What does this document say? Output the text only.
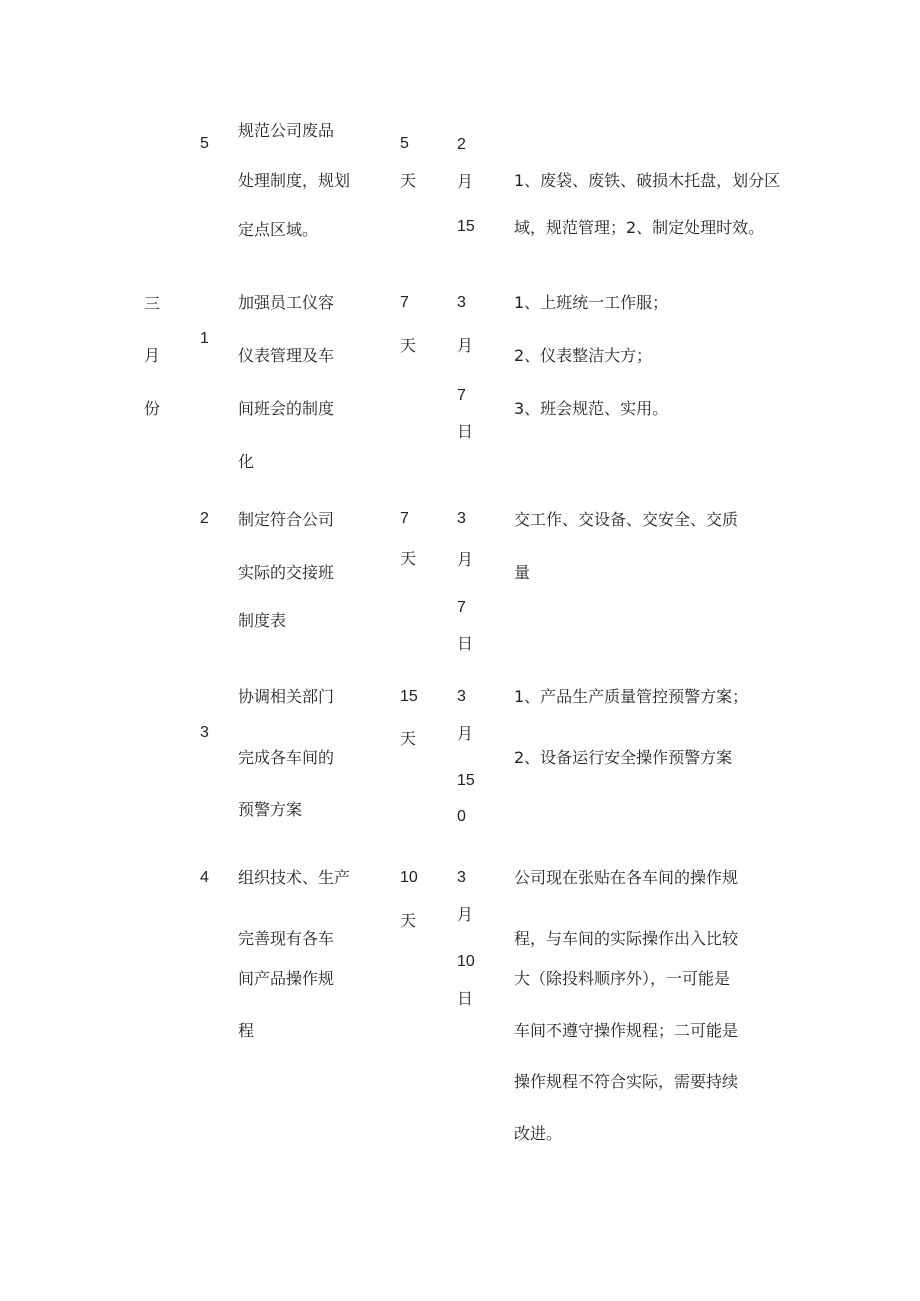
三
月
份
5
规范公司废品
处理制度，规划
定点区域。
5
天
2
月
15
1、废袋、废铁、破损木托盘，划分区
域，规范管理；2、制定处理时效。
1
加强员工仪容
仪表管理及车
间班会的制度
化
7
天
3
月
7
日
1、上班统一工作服；
2、仪表整洁大方；
3、班会规范、实用。
2 制定符合公司
实际的交接班
制度表
7
天
3
月
7
日
交工作、交设备、交安全、交质
量
3
协调相关部门
完成各车间的
预警方案
15
天
3
月
15
0
1、产品生产质量管控预警方案；
2、设备运行安全操作预警方案
4 组织技术、生产
完善现有各车
间产品操作规
程
10
天
3
月
10
日
公司现在张贴在各车间的操作规
程，与车间的实际操作出入比较
大（除投料顺序外），一可能是
车间不遵守操作规程；二可能是
操作规程不符合实际，需要持续
改进。
